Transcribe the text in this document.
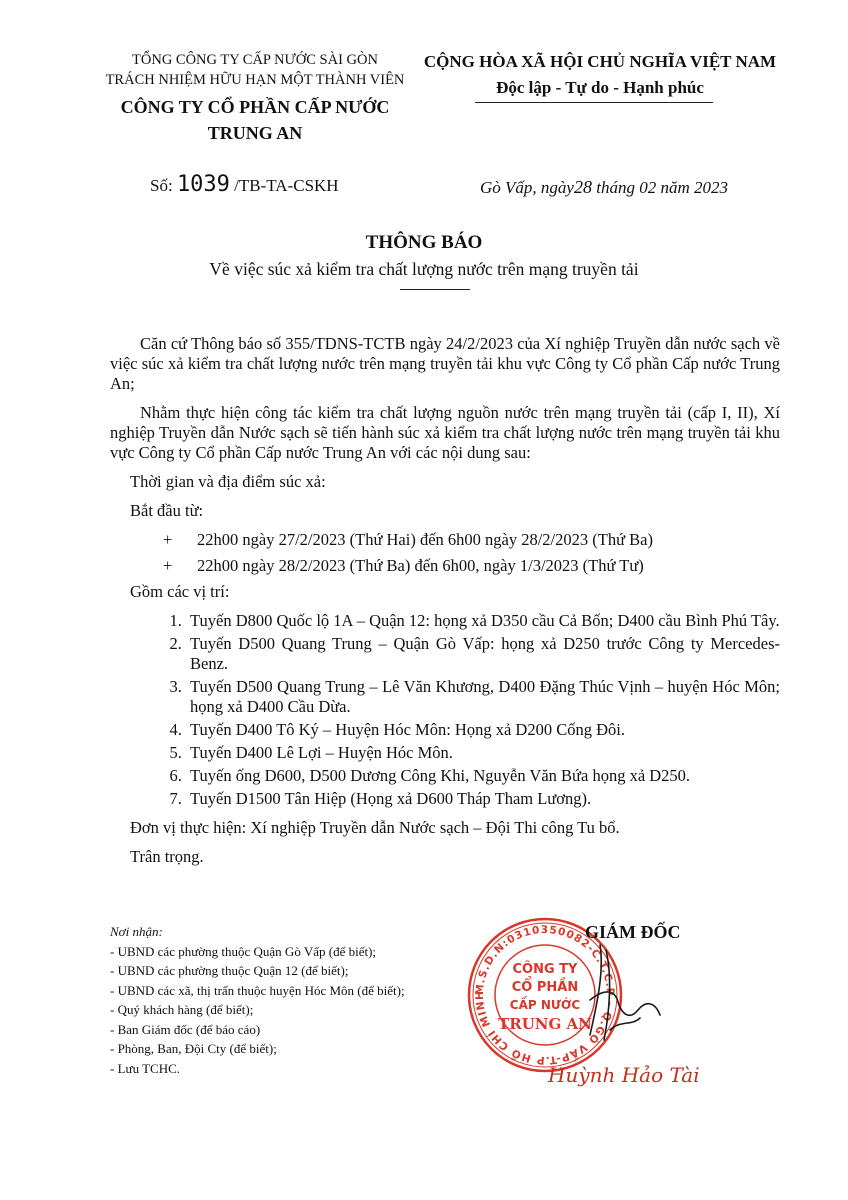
TỔNG CÔNG TY CẤP NƯỚC SÀI GÒN
TRÁCH NHIỆM HỮU HẠN MỘT THÀNH VIÊN
CÔNG TY CỔ PHẦN CẤP NƯỚC
TRUNG AN
CỘNG HÒA XÃ HỘI CHỦ NGHĨA VIỆT NAM
Độc lập - Tự do - Hạnh phúc
Số: 1039 /TB-TA-CSKH	Gò Vấp, ngày28 tháng 02 năm 2023
THÔNG BÁO
Về việc súc xả kiểm tra chất lượng nước trên mạng truyền tải

Căn cứ Thông báo số 355/TDNS-TCTB ngày 24/2/2023 của Xí nghiệp Truyền dẫn nước sạch về việc súc xả kiểm tra chất lượng nước trên mạng truyền tải khu vực Công ty Cổ phần Cấp nước Trung An;

Nhằm thực hiện công tác kiểm tra chất lượng nguồn nước trên mạng truyền tải (cấp I, II), Xí nghiệp Truyền dẫn Nước sạch sẽ tiến hành súc xả kiểm tra chất lượng nước trên mạng truyền tải khu vực Công ty Cổ phần Cấp nước Trung An với các nội dung sau:

Thời gian và địa điểm súc xả:
Bắt đầu từ:
+	22h00 ngày 27/2/2023 (Thứ Hai) đến 6h00 ngày 28/2/2023 (Thứ Ba)
+	22h00 ngày 28/2/2023 (Thứ Ba) đến 6h00, ngày 1/3/2023 (Thứ Tư)
Gồm các vị trí:
1. Tuyến D800 Quốc lộ 1A – Quận 12: họng xả D350 cầu Cả Bốn; D400 cầu Bình Phú Tây.
2. Tuyến D500 Quang Trung – Quận Gò Vấp: họng xả D250 trước Công ty Mercedes-Benz.
3. Tuyến D500 Quang Trung – Lê Văn Khương, D400 Đặng Thúc Vịnh – huyện Hóc Môn; họng xả D400 Cầu Dừa.
4. Tuyến D400 Tô Ký – Huyện Hóc Môn: Họng xả D200 Cống Đôi.
5. Tuyến D400 Lê Lợi – Huyện Hóc Môn.
6. Tuyến ống D600, D500 Dương Công Khi, Nguyễn Văn Bứa họng xả D250.
7. Tuyến D1500 Tân Hiệp (Họng xả D600 Tháp Tham Lương).
Đơn vị thực hiện: Xí nghiệp Truyền dẫn Nước sạch – Đội Thi công Tu bổ.
Trân trọng.
Nơi nhận:
- UBND các phường thuộc Quận Gò Vấp (để biết);
- UBND các phường thuộc Quận 12 (để biết);
- UBND các xã, thị trấn thuộc huyện Hóc Môn (để biết);
- Quý khách hàng (để biết);
- Ban Giám đốc (để báo cáo)
- Phòng, Ban, Đội Cty (để biết);
- Lưu TCHC.
M.S.D.N:0310350082-C.T.C.P - Q.GÒ VẤP-T.P HỒ CHÍ MINH
CÔNG TY
CỔ PHẦN
CẤP NƯỚC
TRUNG AN
GIÁM ĐỐC
Huỳnh Hảo Tài
